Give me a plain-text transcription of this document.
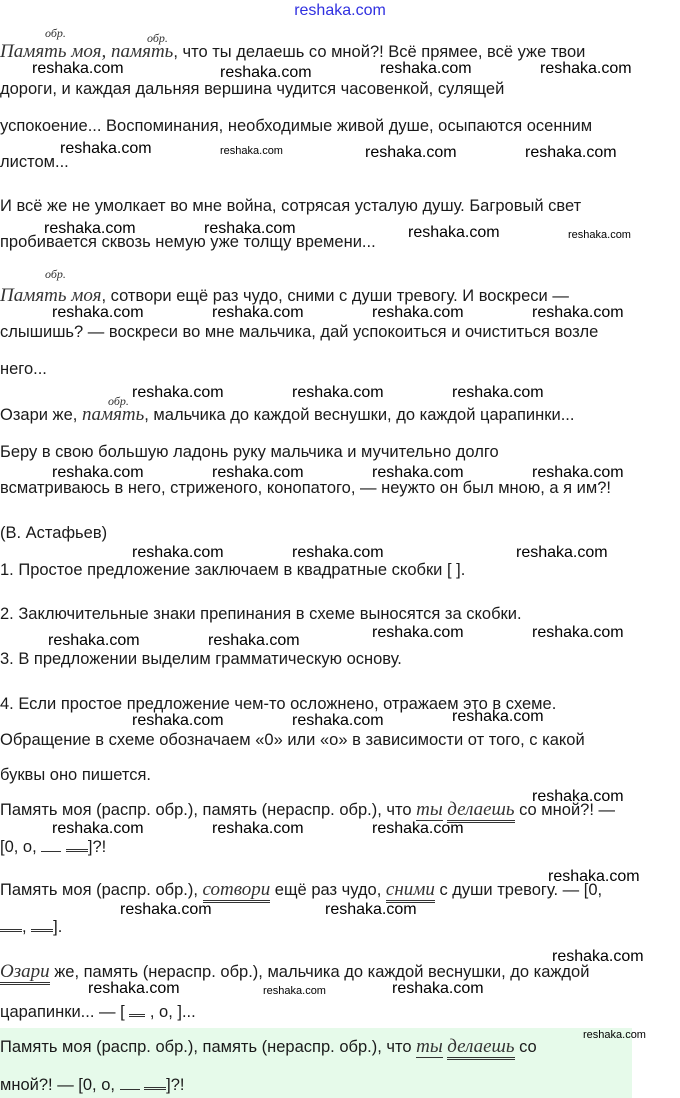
reshaka.com
обр.	обр.
Память моя, память, что ты делаешь со мной?! Всё прямее, всё уже твои
дороги, и каждая дальняя вершина чудится часовенкой, сулящей
успокоение... Воспоминания, необходимые живой душе, осыпаются осенним
листом...
И всё же не умолкает во мне война, сотрясая усталую душу. Багровый свет
пробивается сквозь немую уже толщу времени...
обр.
Память моя, сотвори ещё раз чудо, сними с души тревогу. И воскреси —
слышишь? — воскреси во мне мальчика, дай успокоиться и очиститься возле
него...
обр.
Озари же, память, мальчика до каждой веснушки, до каждой царапинки...
Беру в свою большую ладонь руку мальчика и мучительно долго
всматриваюсь в него, стриженого, конопатого, — неужто он был мною, а я им?!
(В. Астафьев)
1. Простое предложение заключаем в квадратные скобки [ ].
2. Заключительные знаки препинания в схеме выносятся за скобки.
3. В предложении выделим грамматическую основу.
4. Если простое предложение чем-то осложнено, отражаем это в схеме.
Обращение в схеме обозначаем «0» или «о» в зависимости от того, с какой
буквы оно пишется.
Память моя (распр. обр.), память (нераспр. обр.), что ты делаешь со мной?! —
[0, о,	]?!
Память моя (распр. обр.), сотвори ещё раз чудо, сними с души тревогу. — [0,
, ].
Озари же, память (нераспр. обр.), мальчика до каждой веснушки, до каждой
царапинки... — [  , о, ]...
Память моя (распр. обр.), память (нераспр. обр.), что ты делаешь со
мной?! — [0, о,	]?!
reshaka.com	reshaka.com	reshaka.com	reshaka.com
reshaka.com	reshaka.com	reshaka.com	reshaka.com
reshaka.com	reshaka.com	reshaka.com	reshaka.com
reshaka.com	reshaka.com	reshaka.com	reshaka.com
reshaka.com	reshaka.com	reshaka.com
reshaka.com	reshaka.com	reshaka.com	reshaka.com
reshaka.com	reshaka.com	reshaka.com
reshaka.com	reshaka.com
reshaka.com	reshaka.com
reshaka.com	reshaka.com	reshaka.com
reshaka.com
reshaka.com	reshaka.com	reshaka.com
reshaka.com
reshaka.com	reshaka.com
reshaka.com
reshaka.com	reshaka.com	reshaka.com
reshaka.com
